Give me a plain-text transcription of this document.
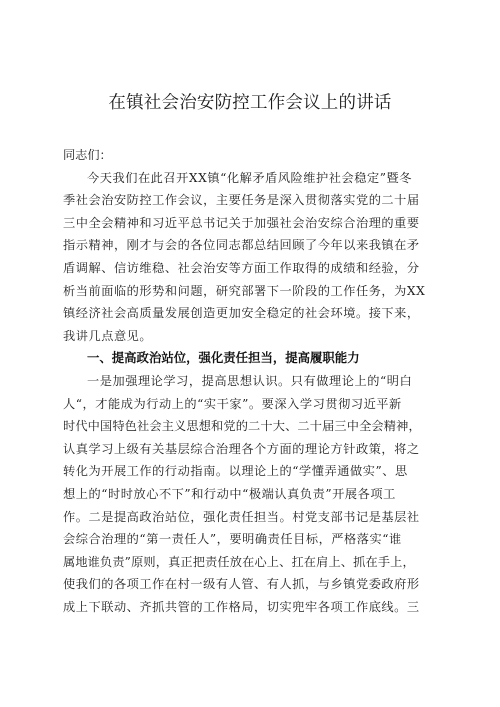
在镇社会治安防控工作会议上的讲话
同志们：
今天我们在此召开XX镇“化解矛盾风险维护社会稳定”暨冬
季社会治安防控工作会议，主要任务是深入贯彻落实党的二十届
三中全会精神和习近平总书记关于加强社会治安综合治理的重要
指示精神，刚才与会的各位同志都总结回顾了今年以来我镇在矛
盾调解、信访维稳、社会治安等方面工作取得的成绩和经验，分
析当前面临的形势和问题，研究部署下一阶段的工作任务，为XX
镇经济社会高质量发展创造更加安全稳定的社会环境。接下来，
我讲几点意见。
一、提高政治站位，强化责任担当，提高履职能力
一是加强理论学习，提高思想认识。只有做理论上的“明白
人“，才能成为行动上的“实干家”。要深入学习贯彻习近平新
时代中国特色社会主义思想和党的二十大、二十届三中全会精神，
认真学习上级有关基层综合治理各个方面的理论方针政策，将之
转化为开展工作的行动指南。以理论上的“学懂弄通做实”、思
想上的“时时放心不下”和行动中“极端认真负责”开展各项工
作。二是提高政治站位，强化责任担当。村党支部书记是基层社
会综合治理的“第一责任人”，要明确责任目标，严格落实“谁
属地谁负责”原则，真正把责任放在心上、扛在肩上、抓在手上，
使我们的各项工作在村一级有人管、有人抓，与乡镇党委政府形
成上下联动、齐抓共管的工作格局，切实兜牢各项工作底线。三
